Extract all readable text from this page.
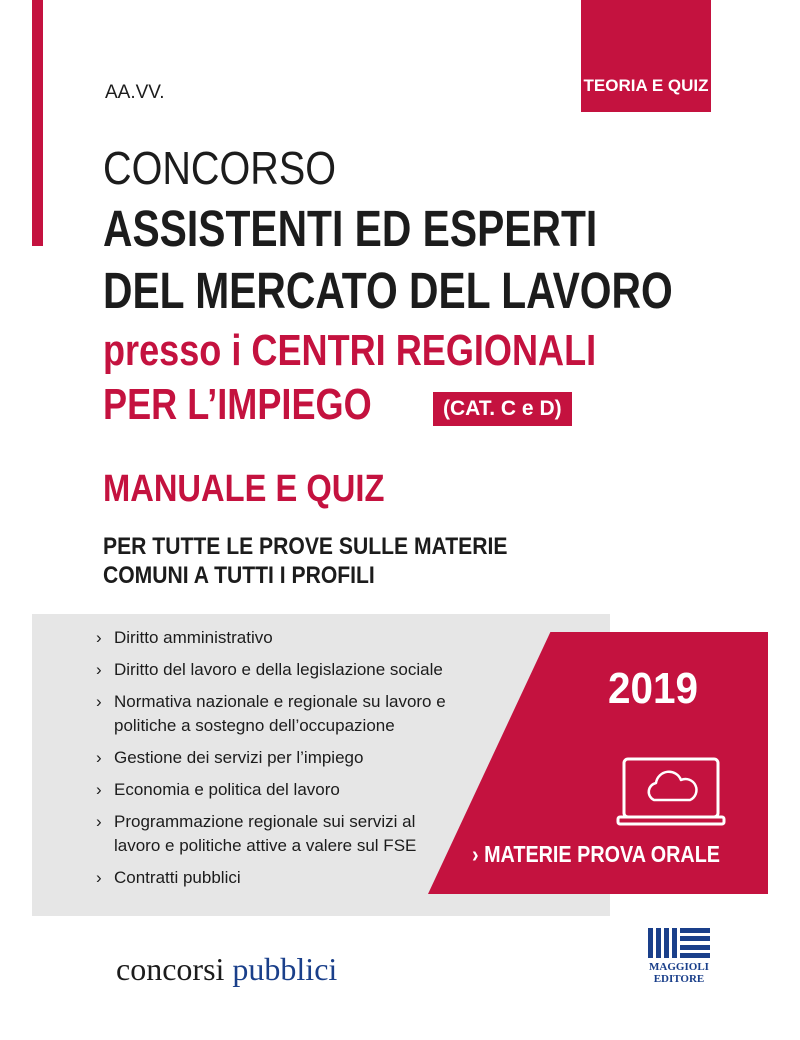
TEORIA E QUIZ
AA.VV.
CONCORSO
ASSISTENTI ED ESPERTI
DEL MERCATO DEL LAVORO
presso i CENTRI REGIONALI
PER L’IMPIEGO	(CAT. C e D)
MANUALE E QUIZ
PER TUTTE LE PROVE SULLE MATERIE
COMUNI A TUTTI I PROFILI
› Diritto amministrativo
› Diritto del lavoro e della legislazione sociale
› Normativa nazionale e regionale su lavoro e politiche a sostegno dell’occupazione
› Gestione dei servizi per l’impiego
› Economia e politica del lavoro
› Programmazione regionale sui servizi al lavoro e politiche attive a valere sul FSE
› Contratti pubblici
2019
› MATERIE PROVA ORALE
concorsi pubblici	MAGGIOLI
EDITORE
